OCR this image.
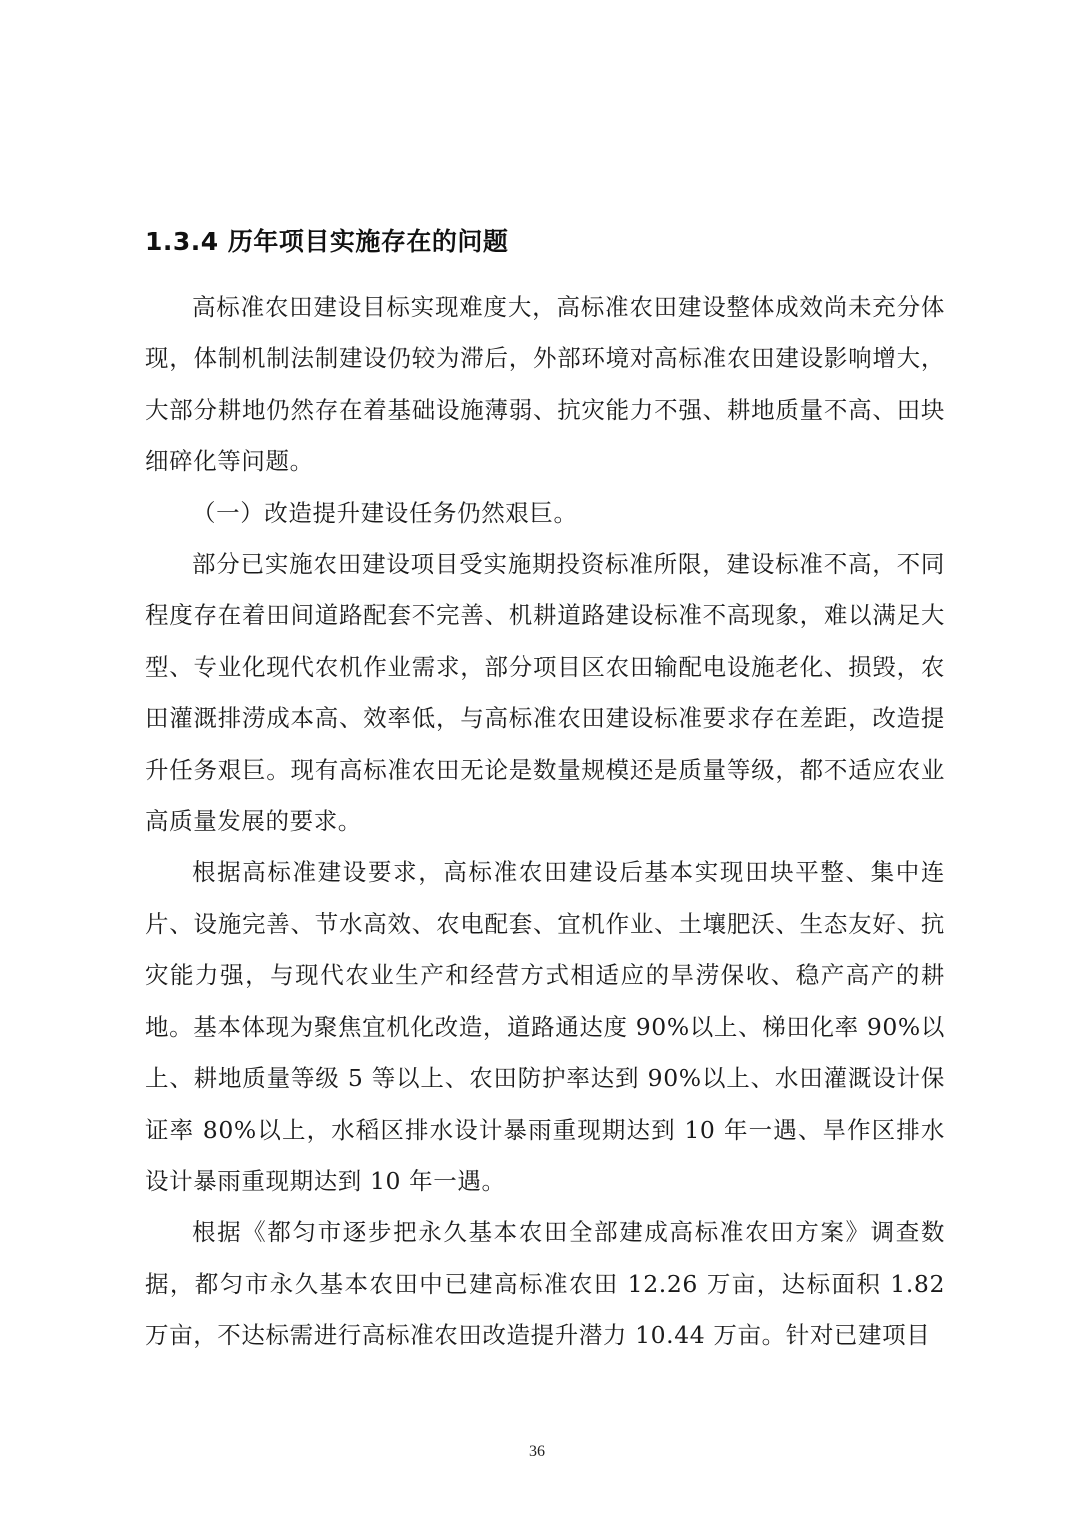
1.3.4 历年项目实施存在的问题

高标准农田建设目标实现难度大，高标准农田建设整体成效尚未充分体现，体制机制法制建设仍较为滞后，外部环境对高标准农田建设影响增大，大部分耕地仍然存在着基础设施薄弱、抗灾能力不强、耕地质量不高、田块细碎化等问题。

（一）改造提升建设任务仍然艰巨。

部分已实施农田建设项目受实施期投资标准所限，建设标准不高，不同程度存在着田间道路配套不完善、机耕道路建设标准不高现象，难以满足大型、专业化现代农机作业需求，部分项目区农田输配电设施老化、损毁，农田灌溉排涝成本高、效率低，与高标准农田建设标准要求存在差距，改造提升任务艰巨。现有高标准农田无论是数量规模还是质量等级，都不适应农业高质量发展的要求。

根据高标准建设要求，高标准农田建设后基本实现田块平整、集中连片、设施完善、节水高效、农电配套、宜机作业、土壤肥沃、生态友好、抗灾能力强，与现代农业生产和经营方式相适应的旱涝保收、稳产高产的耕地。基本体现为聚焦宜机化改造，道路通达度 90%以上、梯田化率 90%以上、耕地质量等级 5 等以上、农田防护率达到 90%以上、水田灌溉设计保证率 80%以上，水稻区排水设计暴雨重现期达到 10 年一遇、旱作区排水设计暴雨重现期达到 10 年一遇。

根据《都匀市逐步把永久基本农田全部建成高标准农田方案》调查数据，都匀市永久基本农田中已建高标准农田 12.26 万亩，达标面积 1.82 万亩，不达标需进行高标准农田改造提升潜力 10.44 万亩。针对已建项目

36
